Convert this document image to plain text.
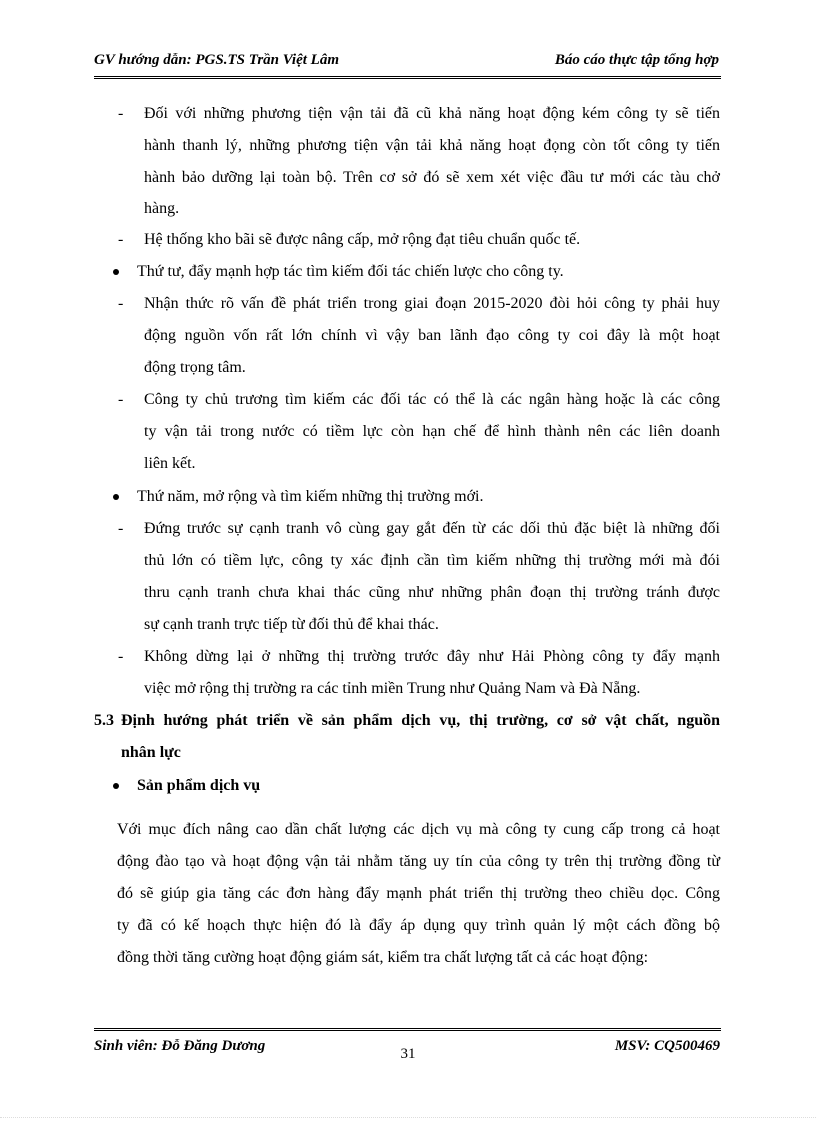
GV hướng dẫn: PGS.TS Trần Việt Lâm	Báo cáo thực tập tổng hợp
- Đối với những phương tiện vận tải đã cũ khả năng hoạt động kém công ty sẽ tiến
hành thanh lý, những phương tiện vận tải khả năng hoạt đọng còn tốt công ty tiến
hành bảo dưỡng lại toàn bộ. Trên cơ sở đó sẽ xem xét việc đầu tư mới các tàu chở
hàng.
- Hệ thống kho bãi sẽ được nâng cấp, mở rộng đạt tiêu chuẩn quốc tế.
Thứ tư, đẩy mạnh hợp tác tìm kiếm đối tác chiến lược cho công ty.
- Nhận thức rõ vấn đề phát triển trong giai đoạn 2015-2020 đòi hỏi công ty phải huy
động nguồn vốn rất lớn chính vì vậy ban lãnh đạo công ty coi đây là một hoạt
động trọng tâm.
- Công ty chủ trương tìm kiếm các đối tác có thể là các ngân hàng hoặc là các công
ty vận tải trong nước có tiềm lực còn hạn chế để hình thành nên các liên doanh
liên kết.
Thứ năm, mở rộng và tìm kiếm những thị trường mới.
- Đứng trước sự cạnh tranh vô cùng gay gắt đến từ các dối thủ đặc biệt là những đối
thủ lớn có tiềm lực, công ty xác định cần tìm kiếm những thị trường mới mà đói
thru cạnh tranh chưa khai thác cũng như những phân đoạn thị trường tránh được
sự cạnh tranh trực tiếp từ đối thủ để khai thác.
- Không dừng lại ở những thị trường trước đây như Hải Phòng công ty đẩy mạnh
việc mở rộng thị trường ra các tỉnh miền Trung như Quảng Nam và Đà Nẵng.
5.3 Định hướng phát triển về sản phẩm dịch vụ, thị trường, cơ sở vật chất, nguồn
nhân lực
Sản phẩm dịch vụ
Với mục đích nâng cao dần chất lượng các dịch vụ mà công ty cung cấp trong cả hoạt
động đào tạo và hoạt động vận tải nhằm tăng uy tín của công ty trên thị trường đồng từ
đó sẽ giúp gia tăng các đơn hàng đẩy mạnh phát triển thị trường theo chiều dọc. Công
ty đã có kế hoạch thực hiện đó là đẩy áp dụng quy trình quản lý một cách đồng bộ
đồng thời tăng cường hoạt động giám sát, kiểm tra chất lượng tất cả các hoạt động:
Sinh viên: Đỗ Đăng Dương	MSV: CQ500469
31
